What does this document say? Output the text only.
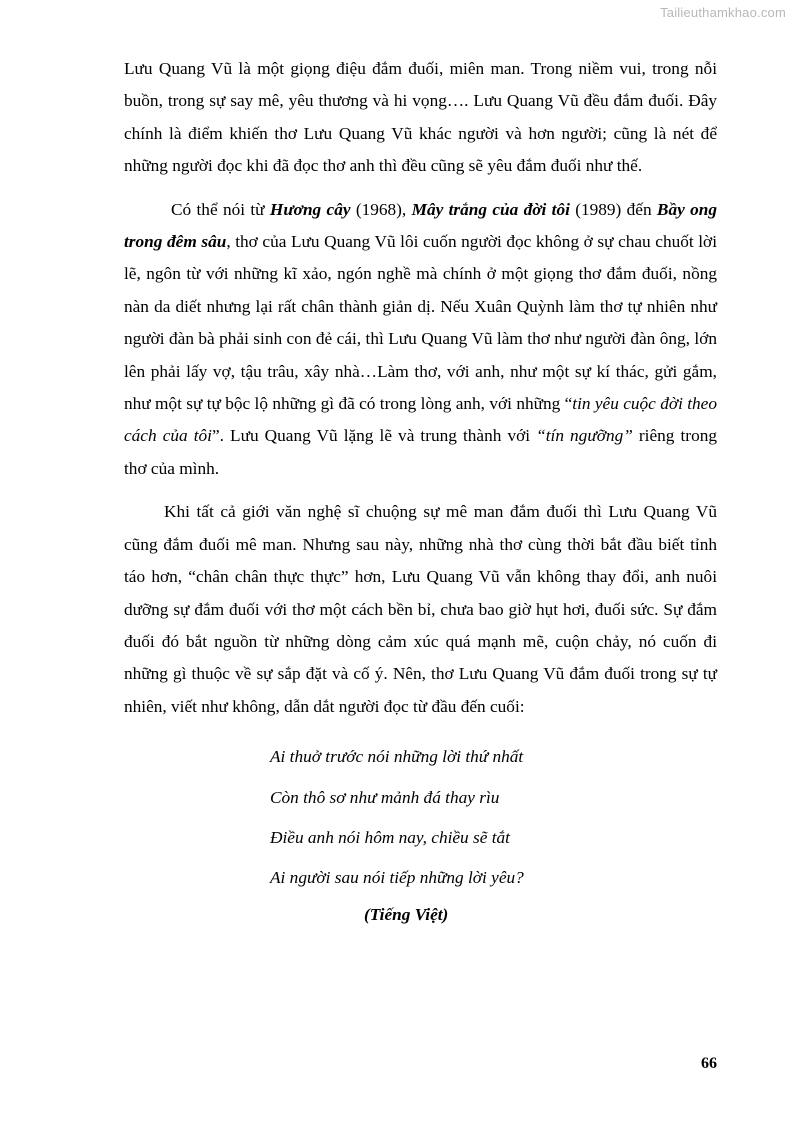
Tailieuthamkhao.com

Lưu Quang Vũ là một giọng điệu đắm đuối, miên man. Trong niềm vui, trong nỗi buồn, trong sự say mê, yêu thương và hi vọng…. Lưu Quang Vũ đều đắm đuối. Đây chính là điểm khiến thơ Lưu Quang Vũ khác người và hơn người; cũng là nét để những người đọc khi đã đọc thơ anh thì đều cũng sẽ yêu đắm đuối như thế.

Có thể nói từ Hương cây (1968), Mây trắng của đời tôi (1989) đến Bầy ong trong đêm sâu, thơ của Lưu Quang Vũ lôi cuốn người đọc không ở sự chau chuốt lời lẽ, ngôn từ với những kĩ xảo, ngón nghề mà chính ở một giọng thơ đắm đuối, nồng nàn da diết nhưng lại rất chân thành giản dị. Nếu Xuân Quỳnh làm thơ tự nhiên như người đàn bà phải sinh con đẻ cái, thì Lưu Quang Vũ làm thơ như người đàn ông, lớn lên phải lấy vợ, tậu trâu, xây nhà…Làm thơ, với anh, như một sự kí thác, gửi gắm, như một sự tự bộc lộ những gì đã có trong lòng anh, với những “tin yêu cuộc đời theo cách của tôi”. Lưu Quang Vũ lặng lẽ và trung thành với “tín ngưỡng” riêng trong thơ của mình.

Khi tất cả giới văn nghệ sĩ chuộng sự mê man đắm đuối thì Lưu Quang Vũ cũng đắm đuối mê man. Nhưng sau này, những nhà thơ cùng thời bắt đầu biết tỉnh táo hơn, “chân chân thực thực” hơn, Lưu Quang Vũ vẫn không thay đổi, anh nuôi dưỡng sự đắm đuối với thơ một cách bền bỉ, chưa bao giờ hụt hơi, đuối sức. Sự đắm đuối đó bắt nguồn từ những dòng cảm xúc quá mạnh mẽ, cuộn chảy, nó cuốn đi những gì thuộc về sự sắp đặt và cố ý. Nên, thơ Lưu Quang Vũ đắm đuối trong sự tự nhiên, viết như không, dẫn dắt người đọc từ đầu đến cuối:

Ai thuở trước nói những lời thứ nhất
Còn thô sơ như mảnh đá thay rìu
Điều anh nói hôm nay, chiều sẽ tắt
Ai người sau nói tiếp những lời yêu?
(Tiếng Việt)
66
